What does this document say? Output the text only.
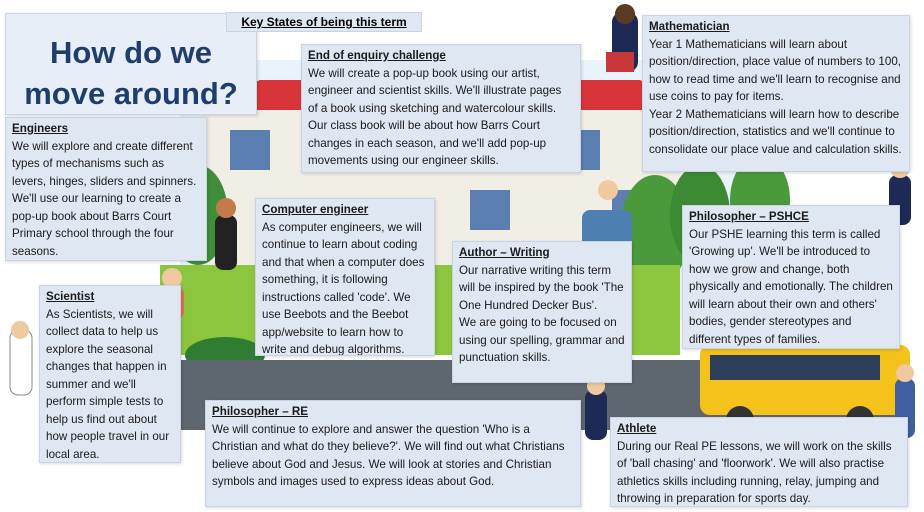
How do we move around?
Key States of being this term
End of enquiry challenge

We will create a pop-up book using our artist, engineer and scientist skills. We'll illustrate pages of a book using sketching and watercolour skills. Our class book will be about how Barrs Court changes in each season, and we'll add pop-up movements using our engineer skills.

Mathematician

Year 1 Mathematicians will learn about position/direction, place value of numbers to 100, how to read time and we'll learn to recognise and use coins to pay for items.

Year 2 Mathematicians will learn how to describe position/direction, statistics and we'll continue to consolidate our place value and calculation skills.

Engineers

We will explore and create different types of mechanisms such as levers, hinges, sliders and spinners. We'll use our learning to create a pop-up book about Barrs Court Primary school through the four seasons.

Computer engineer

As computer engineers, we will continue to learn about coding and that when a computer does something, it is following instructions called 'code'. We use Beebots and the Beebot app/website to learn how to write and debug algorithms.

Author – Writing

Our narrative writing this term will be inspired by the book 'The One Hundred Decker Bus'.

We are going to be focused on using our spelling, grammar and punctuation skills.

Philosopher – PSHCE

Our PSHE learning this term is called 'Growing up'. We'll be introduced to how we grow and change, both physically and emotionally. The children will learn about their own and others' bodies, gender stereotypes and different types of families.

Scientist

As Scientists, we will collect data to help us explore the seasonal changes that happen in summer and we'll perform simple tests to help us find out about how people travel in our local area.

Philosopher – RE

We will continue to explore and answer the question 'Who is a Christian and what do they believe?'. We will find out what Christians believe about God and Jesus. We will look at stories and Christian symbols and images used to express ideas about God.

Athlete

During our Real PE lessons, we will work on the skills of 'ball chasing' and 'floorwork'. We will also practise athletics skills including running, relay, jumping and throwing in preparation for sports day.
